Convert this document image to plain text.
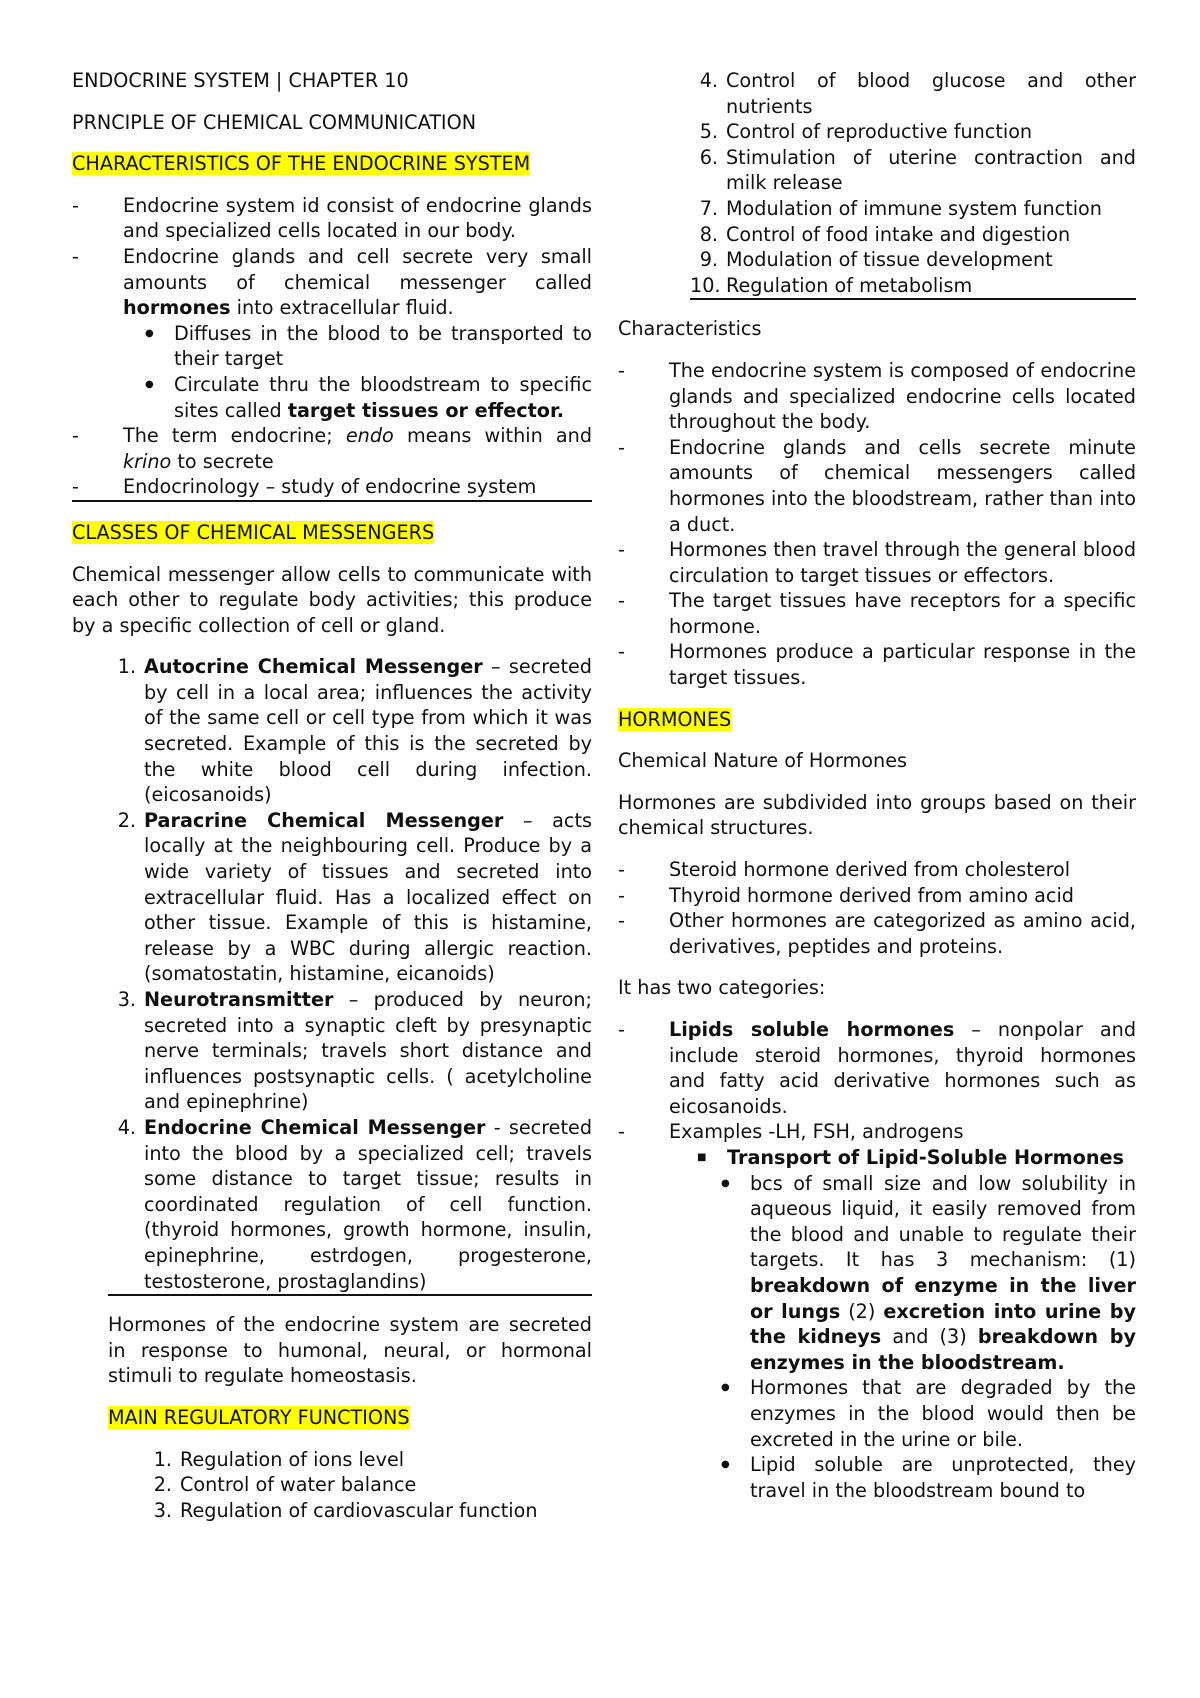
ENDOCRINE SYSTEM | CHAPTER 10

PRNCIPLE OF CHEMICAL COMMUNICATION

CHARACTERISTICS OF THE ENDOCRINE SYSTEM

- Endocrine system id consist of endocrine glands and specialized cells located in our body.
- Endocrine glands and cell secrete very small amounts of chemical messenger called hormones into extracellular fluid.
● Diffuses in the blood to be transported to their target
● Circulate thru the bloodstream to specific sites called target tissues or effector.
- The term endocrine; endo means within and krino to secrete
- Endocrinology – study of endocrine system

CLASSES OF CHEMICAL MESSENGERS

Chemical messenger allow cells to communicate with each other to regulate body activities; this produce by a specific collection of cell or gland.

1. Autocrine Chemical Messenger – secreted by cell in a local area; influences the activity of the same cell or cell type from which it was secreted. Example of this is the secreted by the white blood cell during infection. (eicosanoids)
2. Paracrine Chemical Messenger – acts locally at the neighbouring cell. Produce by a wide variety of tissues and secreted into extracellular fluid. Has a localized effect on other tissue. Example of this is histamine, release by a WBC during allergic reaction. (somatostatin, histamine, eicanoids)
3. Neurotransmitter – produced by neuron; secreted into a synaptic cleft by presynaptic nerve terminals; travels short distance and influences postsynaptic cells. ( acetylcholine and epinephrine)
4. Endocrine Chemical Messenger - secreted into the blood by a specialized cell; travels some distance to target tissue; results in coordinated regulation of cell function. (thyroid hormones, growth hormone, insulin, epinephrine, estrdogen, progesterone, testosterone, prostaglandins)

Hormones of the endocrine system are secreted in response to humonal, neural, or hormonal stimuli to regulate homeostasis.

MAIN REGULATORY FUNCTIONS

1. Regulation of ions level
2. Control of water balance
3. Regulation of cardiovascular function
4. Control of blood glucose and other nutrients
5. Control of reproductive function
6. Stimulation of uterine contraction and milk release
7. Modulation of immune system function
8. Control of food intake and digestion
9. Modulation of tissue development
10. Regulation of metabolism

Characteristics

- The endocrine system is composed of endocrine glands and specialized endocrine cells located throughout the body.
- Endocrine glands and cells secrete minute amounts of chemical messengers called hormones into the bloodstream, rather than into a duct.
- Hormones then travel through the general blood circulation to target tissues or effectors.
- The target tissues have receptors for a specific hormone.
- Hormones produce a particular response in the target tissues.

HORMONES

Chemical Nature of Hormones

Hormones are subdivided into groups based on their chemical structures.

- Steroid hormone derived from cholesterol
- Thyroid hormone derived from amino acid
- Other hormones are categorized as amino acid, derivatives, peptides and proteins.

It has two categories:

- Lipids soluble hormones – nonpolar and include steroid hormones, thyroid hormones and fatty acid derivative hormones such as eicosanoids.
- Examples -LH, FSH, androgens
■ Transport of Lipid-Soluble Hormones
● bcs of small size and low solubility in aqueous liquid, it easily removed from the blood and unable to regulate their targets. It has 3 mechanism: (1) breakdown of enzyme in the liver or lungs (2) excretion into urine by the kidneys and (3) breakdown by enzymes in the bloodstream.
● Hormones that are degraded by the enzymes in the blood would then be excreted in the urine or bile.
● Lipid soluble are unprotected, they travel in the bloodstream bound to
